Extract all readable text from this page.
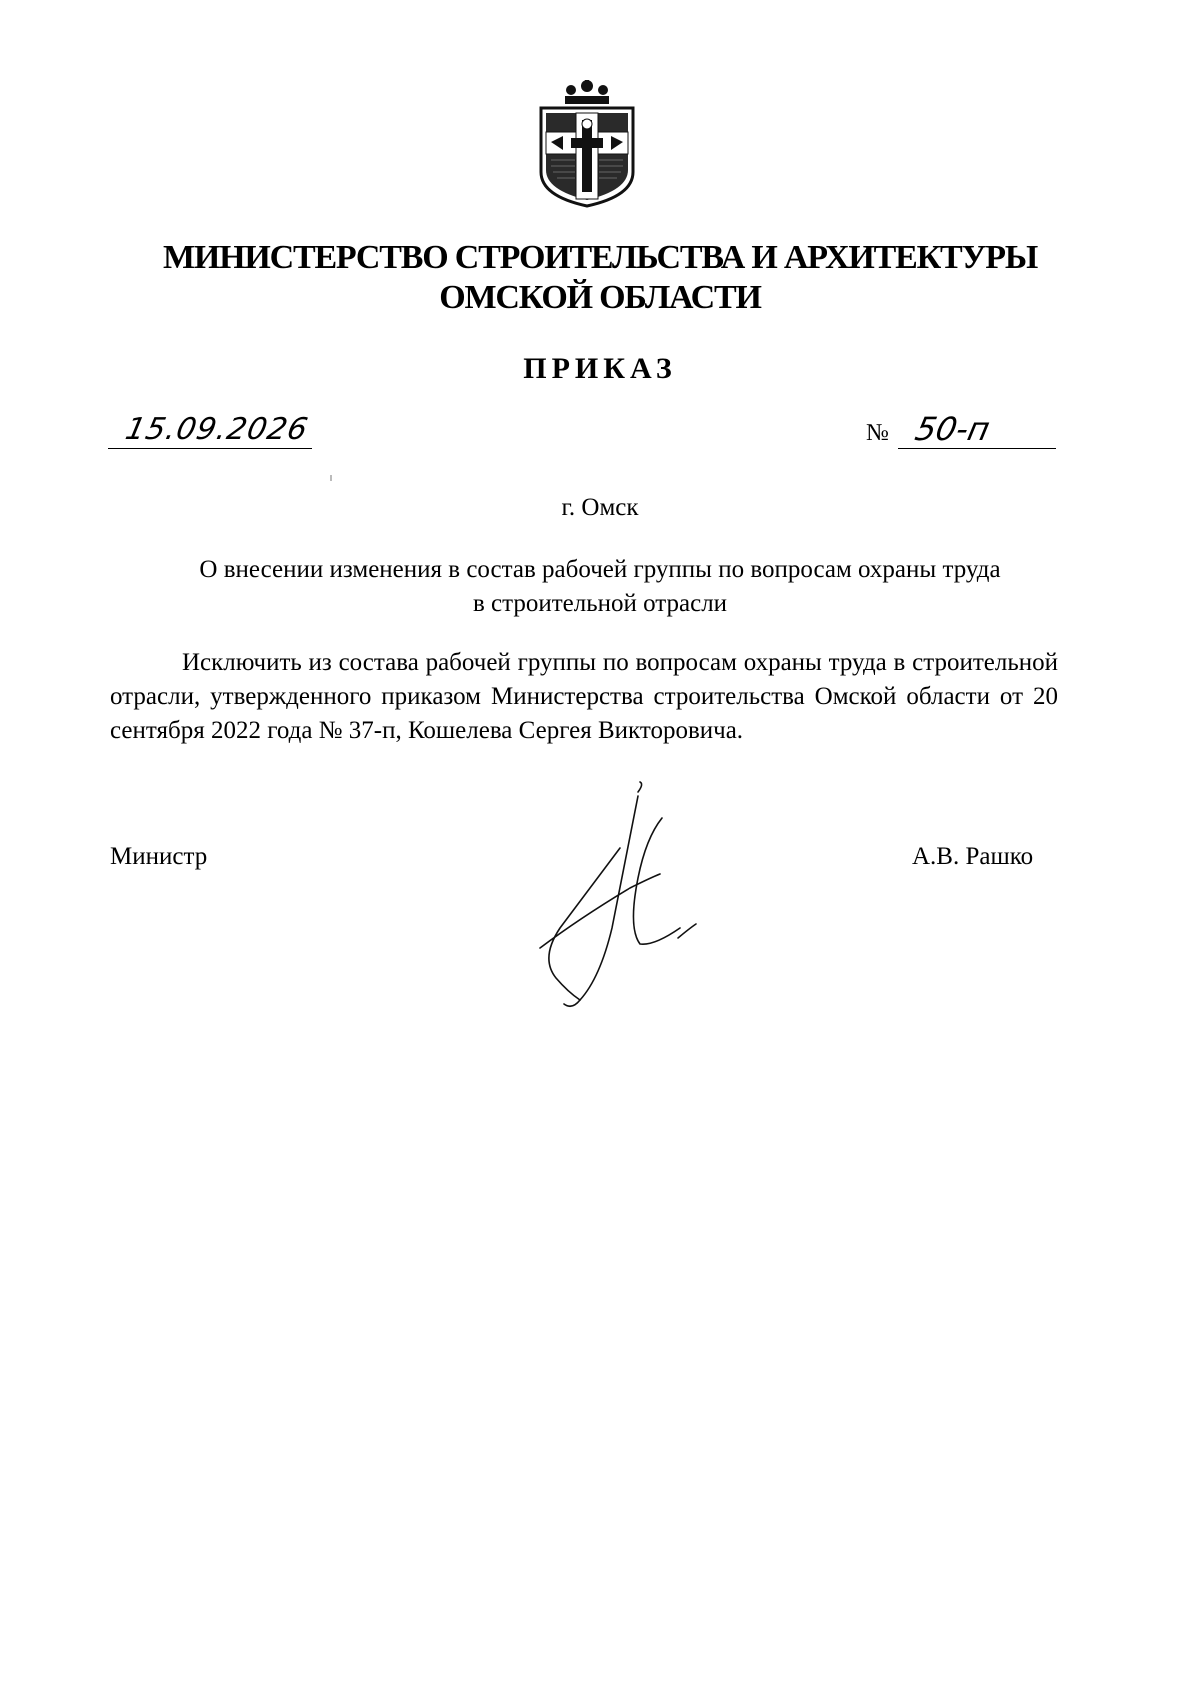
МИНИСТЕРСТВО СТРОИТЕЛЬСТВА И АРХИТЕКТУРЫ
ОМСКОЙ ОБЛАСТИ
ПРИКАЗ
15.09.2026	№ 50-п
г. Омск
О внесении изменения в состав рабочей группы по вопросам охраны труда
в строительной отрасли

Исключить из состава рабочей группы по вопросам охраны труда в строительной отрасли, утвержденного приказом Министерства строительства Омской области от 20 сентября 2022 года № 37-п, Кошелева Сергея Викторовича.

Министр	А.В. Рашко
